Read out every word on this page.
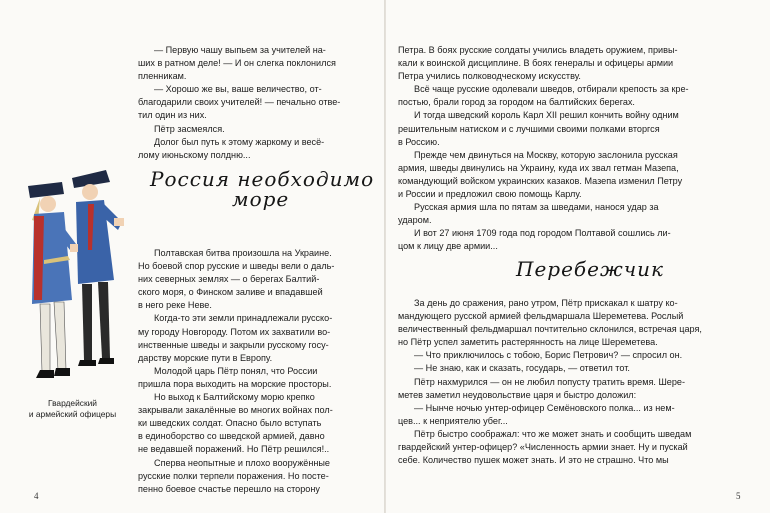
— Первую чашу выпьем за учителей на-
ших в ратном деле! — И он слегка поклонился
пленникам.

— Хорошо же вы, ваше величество, от-
благодарили своих учителей! — печально отве-
тил один из них.

Пётр засмеялся.

Долог был путь к этому жаркому и весё-
лому июньскому полдню...

Россия необходимо
море

Полтавская битва произошла на Украине.
Но боевой спор русские и шведы вели о даль-
них северных землях — о берегах Балтий-
ского моря, о Финском заливе и впадавшей
в него реке Неве.

Когда-то эти земли принадлежали русско-
му городу Новгороду. Потом их захватили во-
инственные шведы и закрыли русскому госу-
дарству морские пути в Европу.

Молодой царь Пётр понял, что России
пришла пора выходить на морские просторы.

Но выход к Балтийскому морю крепко
закрывали закалённые во многих войнах пол-
ки шведских солдат. Опасно было вступать
в единоборство со шведской армией, давно
не ведавшей поражений. Но Пётр решился!..

Сперва неопытные и плохо вооружённые
русские полки терпели поражения. Но посте-
пенно боевое счастье перешло на сторону

Гвардейский
и армейский офицеры
4

Петра. В боях русские солдаты учились владеть оружием, привы-
кали к воинской дисциплине. В боях генералы и офицеры армии
Петра учились полководческому искусству.

Всё чаще русские одолевали шведов, отбирали крепость за кре-
постью, брали город за городом на балтийских берегах.

И тогда шведский король Карл XII решил кончить войну одним
решительным натиском и с лучшими своими полками вторгся
в Россию.

Прежде чем двинуться на Москву, которую заслонила русская
армия, шведы двинулись на Украину, куда их звал гетман Мазепа,
командующий войском украинских казаков. Мазепа изменил Петру
и России и предложил свою помощь Карлу.

Русская армия шла по пятам за шведами, нанося удар за
ударом.

И вот 27 июня 1709 года под городом Полтавой сошлись ли-
цом к лицу две армии...

Перебежчик

За день до сражения, рано утром, Пётр прискакал к шатру ко-
мандующего русской армией фельдмаршала Шереметева. Рослый
величественный фельдмаршал почтительно склонился, встречая царя,
но Пётр успел заметить растерянность на лице Шереметева.

— Что приключилось с тобою, Борис Петрович? — спросил он.

— Не знаю, как и сказать, государь, — ответил тот.

Пётр нахмурился — он не любил попусту тратить время. Шере-
метев заметил неудовольствие царя и быстро доложил:

— Нынче ночью унтер-офицер Семёновского полка... из нем-
цев... к неприятелю убег...

Пётр быстро соображал: что же может знать и сообщить шведам
гвардейский унтер-офицер? «Численность армии знает. Ну и пускай
себе. Количество пушек может знать. И это не страшно. Что мы

5
